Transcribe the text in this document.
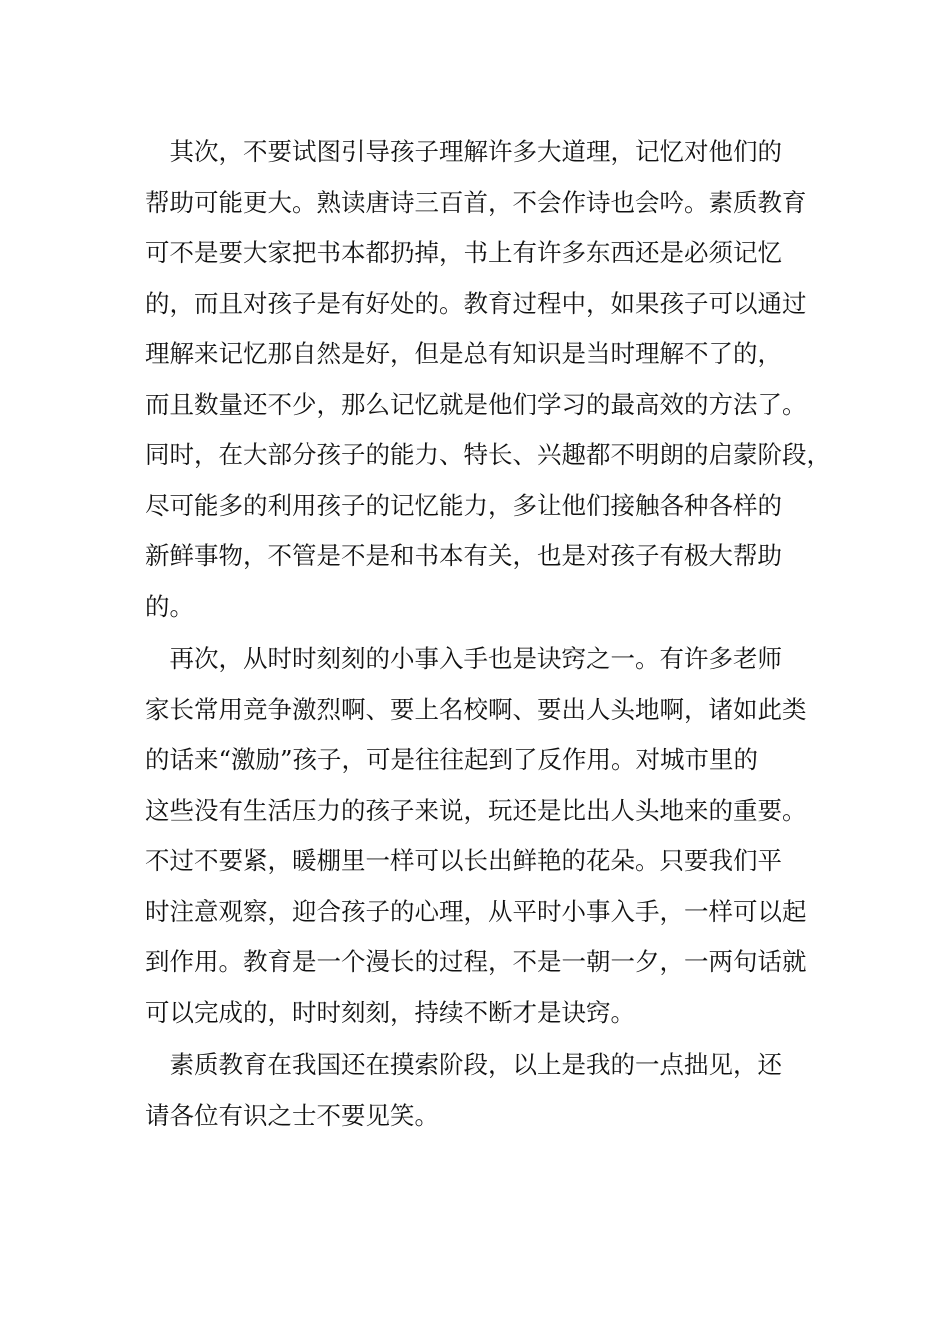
　其次，不要试图引导孩子理解许多大道理，记忆对他们的
帮助可能更大。熟读唐诗三百首，不会作诗也会吟。素质教育
可不是要大家把书本都扔掉，书上有许多东西还是必须记忆
的，而且对孩子是有好处的。教育过程中，如果孩子可以通过
理解来记忆那自然是好，但是总有知识是当时理解不了的，
而且数量还不少，那么记忆就是他们学习的最高效的方法了。
同时，在大部分孩子的能力、特长、兴趣都不明朗的启蒙阶段，
尽可能多的利用孩子的记忆能力，多让他们接触各种各样的
新鲜事物，不管是不是和书本有关，也是对孩子有极大帮助
的。
　再次，从时时刻刻的小事入手也是诀窍之一。有许多老师
家长常用竞争激烈啊、要上名校啊、要出人头地啊，诸如此类
的话来“激励”孩子，可是往往起到了反作用。对城市里的
这些没有生活压力的孩子来说，玩还是比出人头地来的重要。
不过不要紧，暖棚里一样可以长出鲜艳的花朵。只要我们平
时注意观察，迎合孩子的心理，从平时小事入手，一样可以起
到作用。教育是一个漫长的过程，不是一朝一夕，一两句话就
可以完成的，时时刻刻，持续不断才是诀窍。
　素质教育在我国还在摸索阶段，以上是我的一点拙见，还
请各位有识之士不要见笑。
